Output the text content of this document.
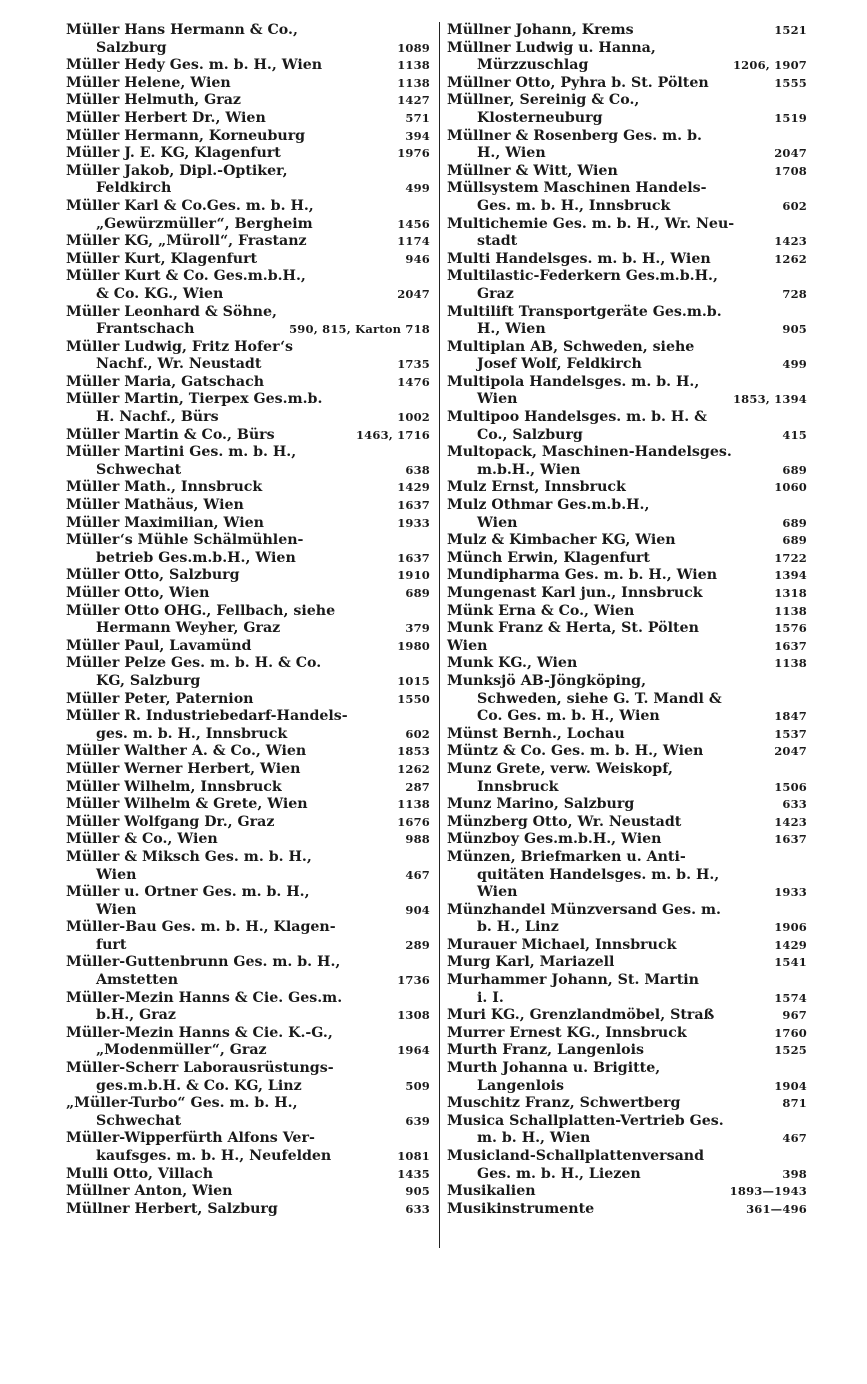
Müller Hans Hermann & Co.,
Salzburg	1089
Müller Hedy Ges. m. b. H., Wien	1138
Müller Helene, Wien	1138
Müller Helmuth, Graz	1427
Müller Herbert Dr., Wien	571
Müller Hermann, Korneuburg	394
Müller J. E. KG, Klagenfurt	1976
Müller Jakob, Dipl.-Optiker,
Feldkirch	499
Müller Karl & Co.Ges. m. b. H.,
„Gewürzmüller“, Bergheim	1456
Müller KG, „Müroll“, Frastanz	1174
Müller Kurt, Klagenfurt	946
Müller Kurt & Co. Ges.m.b.H.,
& Co. KG., Wien	2047
Müller Leonhard & Söhne,
Frantschach	590, 815, Karton 718
Müller Ludwig, Fritz Hofer‘s
Nachf., Wr. Neustadt	1735
Müller Maria, Gatschach	1476
Müller Martin, Tierpex Ges.m.b.
H. Nachf., Bürs	1002
Müller Martin & Co., Bürs	1463, 1716
Müller Martini Ges. m. b. H.,
Schwechat	638
Müller Math., Innsbruck	1429
Müller Mathäus, Wien	1637
Müller Maximilian, Wien	1933
Müller‘s Mühle Schälmühlen-
betrieb Ges.m.b.H., Wien	1637
Müller Otto, Salzburg	1910
Müller Otto, Wien	689
Müller Otto OHG., Fellbach, siehe
Hermann Weyher, Graz	379
Müller Paul, Lavamünd	1980
Müller Pelze Ges. m. b. H. & Co.
KG, Salzburg	1015
Müller Peter, Paternion	1550
Müller R. Industriebedarf-Handels-
ges. m. b. H., Innsbruck	602
Müller Walther A. & Co., Wien	1853
Müller Werner Herbert, Wien	1262
Müller Wilhelm, Innsbruck	287
Müller Wilhelm & Grete, Wien	1138
Müller Wolfgang Dr., Graz	1676
Müller & Co., Wien	988
Müller & Miksch Ges. m. b. H.,
Wien	467
Müller u. Ortner Ges. m. b. H.,
Wien	904
Müller-Bau Ges. m. b. H., Klagen-
furt	289
Müller-Guttenbrunn Ges. m. b. H.,
Amstetten	1736
Müller-Mezin Hanns & Cie. Ges.m.
b.H., Graz	1308
Müller-Mezin Hanns & Cie. K.-G.,
„Modenmüller“, Graz	1964
Müller-Scherr Laborausrüstungs-
ges.m.b.H. & Co. KG, Linz	509
„Müller-Turbo“ Ges. m. b. H.,
Schwechat	639
Müller-Wipperfürth Alfons Ver-
kaufsges. m. b. H., Neufelden	1081
Mulli Otto, Villach	1435
Müllner Anton, Wien	905
Müllner Herbert, Salzburg	633
Müllner Johann, Krems	1521
Müllner Ludwig u. Hanna,
Mürzzuschlag	1206, 1907
Müllner Otto, Pyhra b. St. Pölten	1555
Müllner, Sereinig & Co.,
Klosterneuburg	1519
Müllner & Rosenberg Ges. m. b.
H., Wien	2047
Müllner & Witt, Wien	1708
Müllsystem Maschinen Handels-
Ges. m. b. H., Innsbruck	602
Multichemie Ges. m. b. H., Wr. Neu-
stadt	1423
Multi Handelsges. m. b. H., Wien	1262
Multilastic-Federkern Ges.m.b.H.,
Graz	728
Multilift Transportgeräte Ges.m.b.
H., Wien	905
Multiplan AB, Schweden, siehe
Josef Wolf, Feldkirch	499
Multipola Handelsges. m. b. H.,
Wien	1853, 1394
Multipoo Handelsges. m. b. H. &
Co., Salzburg	415
Multopack, Maschinen-Handelsges.
m.b.H., Wien	689
Mulz Ernst, Innsbruck	1060
Mulz Othmar Ges.m.b.H.,
Wien	689
Mulz & Kimbacher KG, Wien	689
Münch Erwin, Klagenfurt	1722
Mundipharma Ges. m. b. H., Wien	1394
Mungenast Karl jun., Innsbruck	1318
Münk Erna & Co., Wien	1138
Munk Franz & Herta, St. Pölten	1576
Wien	1637
Munk KG., Wien	1138
Munksjö AB-Jöngköping,
Schweden, siehe G. T. Mandl &
Co. Ges. m. b. H., Wien	1847
Münst Bernh., Lochau	1537
Müntz & Co. Ges. m. b. H., Wien	2047
Munz Grete, verw. Weiskopf,
Innsbruck	1506
Munz Marino, Salzburg	633
Münzberg Otto, Wr. Neustadt	1423
Münzboy Ges.m.b.H., Wien	1637
Münzen, Briefmarken u. Anti-
quitäten Handelsges. m. b. H.,
Wien	1933
Münzhandel Münzversand Ges. m.
b. H., Linz	1906
Murauer Michael, Innsbruck	1429
Murg Karl, Mariazell	1541
Murhammer Johann, St. Martin
i. I.	1574
Muri KG., Grenzlandmöbel, Straß	967
Murrer Ernest KG., Innsbruck	1760
Murth Franz, Langenlois	1525
Murth Johanna u. Brigitte,
Langenlois	1904
Muschitz Franz, Schwertberg	871
Musica Schallplatten-Vertrieb Ges.
m. b. H., Wien	467
Musicland-Schallplattenversand
Ges. m. b. H., Liezen	398
Musikalien	1893—1943
Musikinstrumente	361—496
